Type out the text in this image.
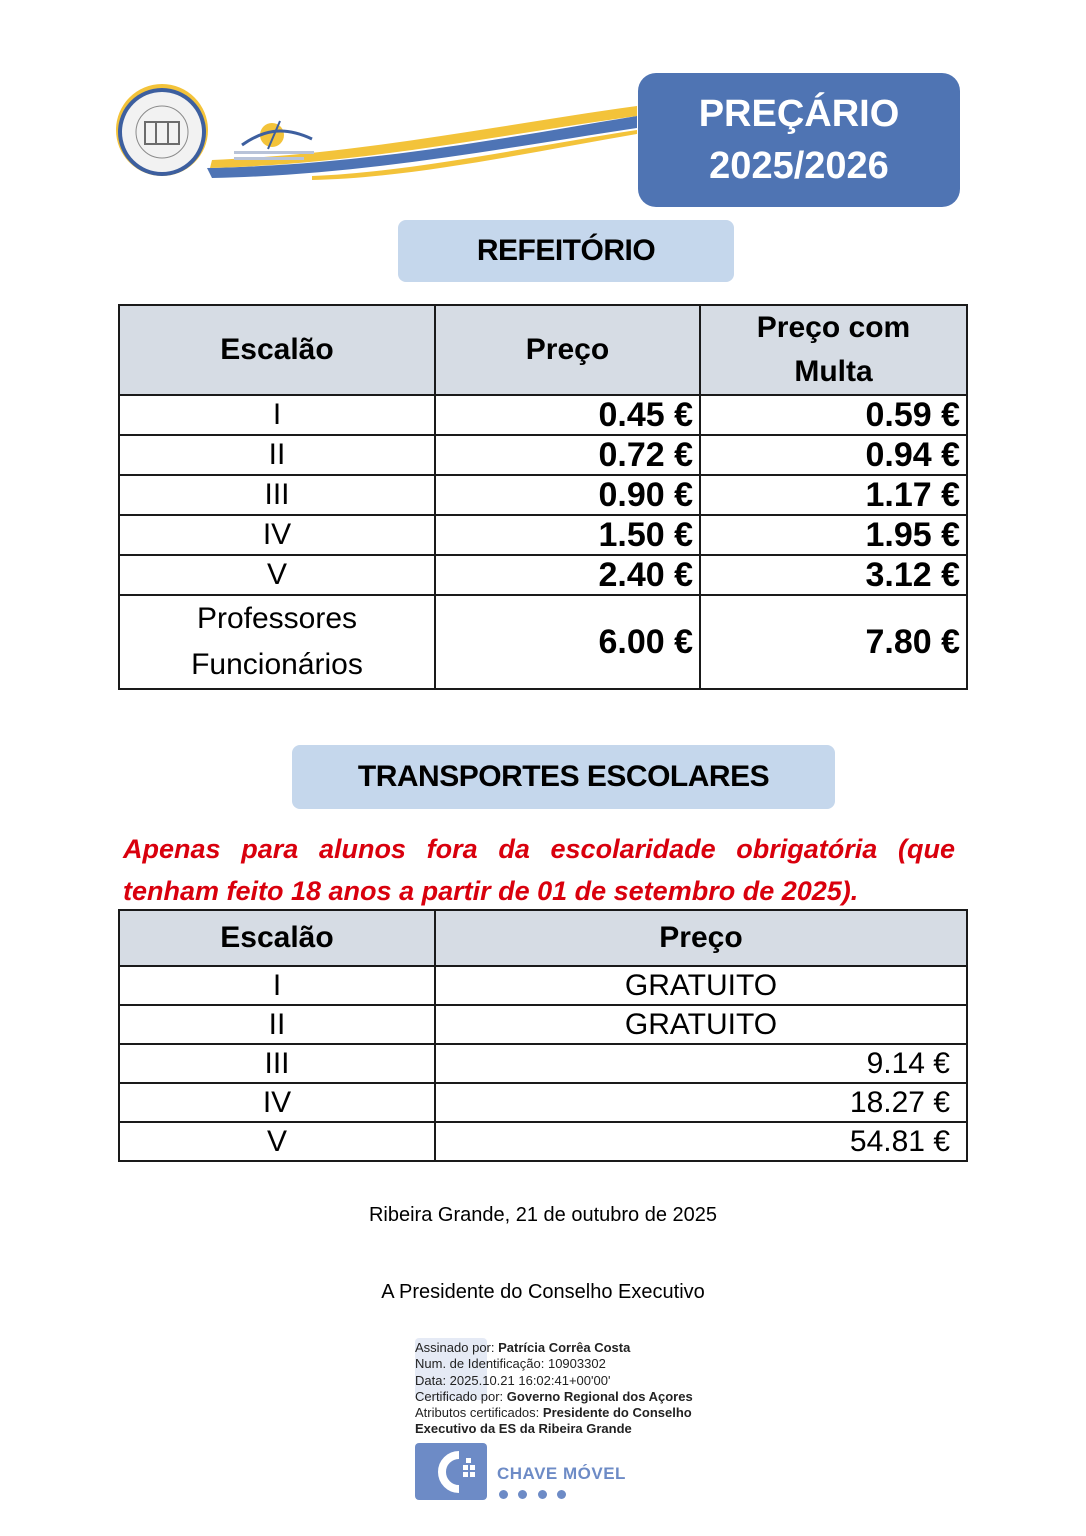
PREÇÁRIO
2025/2026
REFEITÓRIO
Escalão	Preço	Preço com Multa
I	0.45 €	0.59 €
II	0.72 €	0.94 €
III	0.90 €	1.17 €
IV	1.50 €	1.95 €
V	2.40 €	3.12 €

Professores
Funcionários	6.00 €	7.80 €
TRANSPORTES ESCOLARES
Apenas para alunos fora da escolaridade obrigatória (que tenham feito 18 anos a partir de 01 de setembro de 2025).
Escalão	Preço
I	GRATUITO
II	GRATUITO
III	9.14 €
IV	18.27 €
V	54.81 €
Ribeira Grande, 21 de outubro de 2025
A Presidente do Conselho Executivo
Assinado por: Patrícia Corrêa Costa
Num. de Identificação: 10903302
Data: 2025.10.21 16:02:41+00'00'
Certificado por: Governo Regional dos Açores
Atributos certificados: Presidente do Conselho Executivo da ES da Ribeira Grande
CHAVE MÓVEL
